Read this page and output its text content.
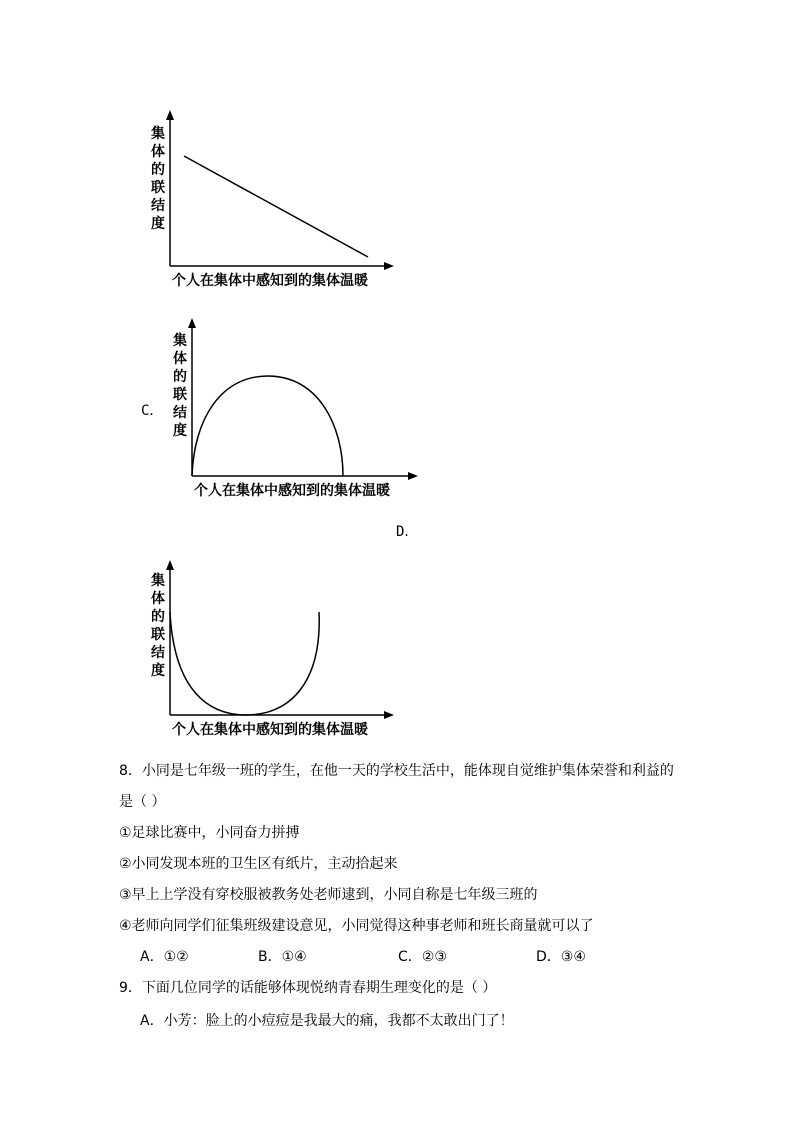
集体的联结度
个人在集体中感知到的集体温暖
集体的联结度
个人在集体中感知到的集体温暖
C．
D．
集体的联结度
个人在集体中感知到的集体温暖
8．小同是七年级一班的学生，在他一天的学校生活中，能体现自觉维护集体荣誉和利益的
是（ ）
①足球比赛中，小同奋力拼搏
②小同发现本班的卫生区有纸片，主动拾起来
③早上上学没有穿校服被教务处老师逮到，小同自称是七年级三班的
④老师向同学们征集班级建设意见，小同觉得这种事老师和班长商量就可以了
A．①②	B．①④	C．②③	D．③④
9．下面几位同学的话能够体现悦纳青春期生理变化的是（ ）
A．小芳：脸上的小痘痘是我最大的痛，我都不太敢出门了！
